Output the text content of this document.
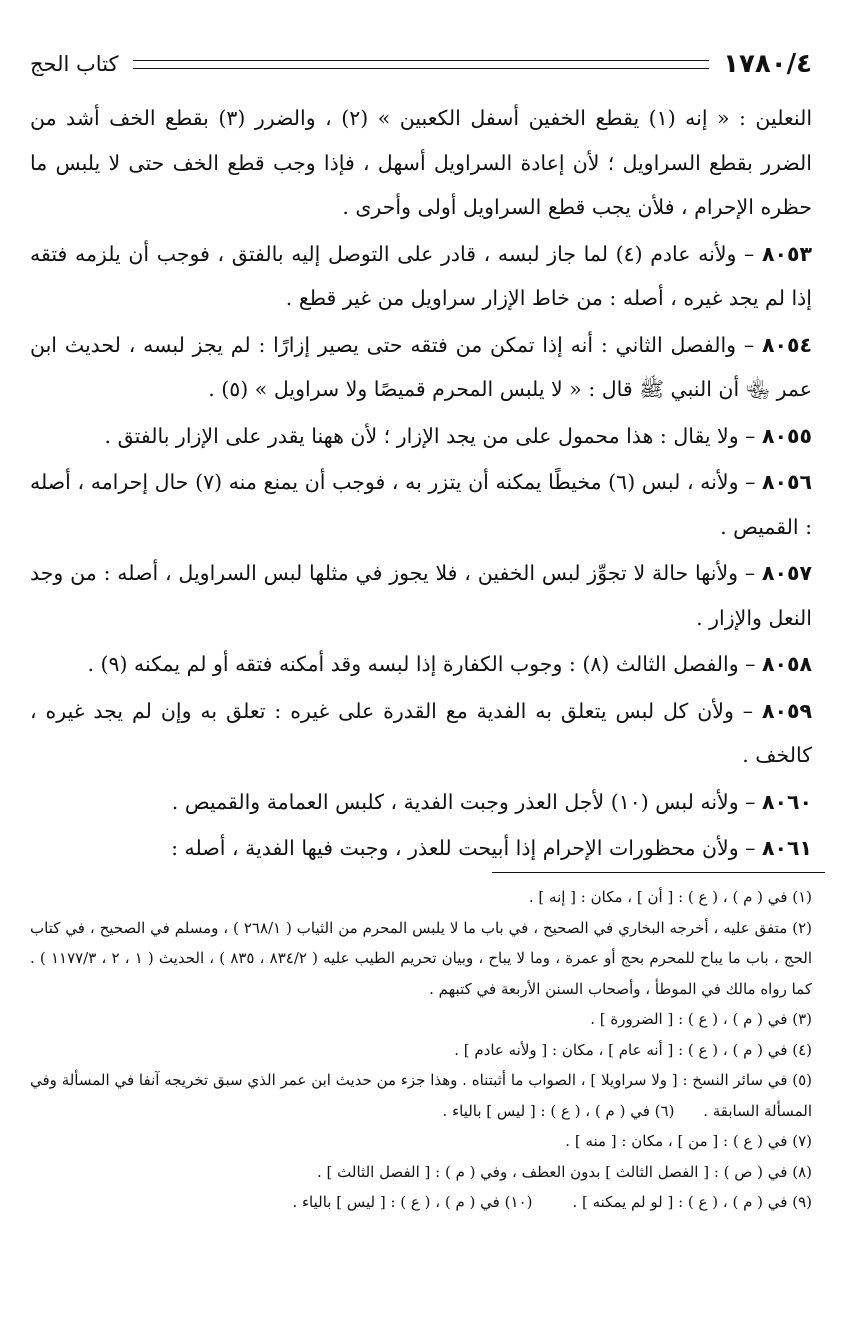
١٧٨٠/٤
كتاب الحج

النعلين : « إنه (١) يقطع الخفين أسفل الكعبين » (٢) ، والضرر (٣) بقطع الخف أشد من الضرر بقطع السراويل ؛ لأن إعادة السراويل أسهل ، فإذا وجب قطع الخف حتى لا يلبس ما حظره الإحرام ، فلأن يجب قطع السراويل أولى وأحرى .

٨٠٥٣ – ولأنه عادم (٤) لما جاز لبسه ، قادر على التوصل إليه بالفتق ، فوجب أن يلزمه فتقه إذا لم يجد غيره ، أصله : من خاط الإزار سراويل من غير قطع .

٨٠٥٤ – والفصل الثاني : أنه إذا تمكن من فتقه حتى يصير إزارًا : لم يجز لبسه ، لحديث ابن عمر ﵄ أن النبي ﷺ قال : « لا يلبس المحرم قميصًا ولا سراويل » (٥) .

٨٠٥٥ – ولا يقال : هذا محمول على من يجد الإزار ؛ لأن ههنا يقدر على الإزار بالفتق .

٨٠٥٦ – ولأنه ، لبس (٦) مخيطًا يمكنه أن يتزر به ، فوجب أن يمنع منه (٧) حال إحرامه ، أصله : القميص .

٨٠٥٧ – ولأنها حالة لا تجوِّز لبس الخفين ، فلا يجوز في مثلها لبس السراويل ، أصله : من وجد النعل والإزار .

٨٠٥٨ – والفصل الثالث (٨) : وجوب الكفارة إذا لبسه وقد أمكنه فتقه أو لم يمكنه (٩) .

٨٠٥٩ – ولأن كل لبس يتعلق به الفدية مع القدرة على غيره : تعلق به وإن لم يجد غيره ، كالخف .

٨٠٦٠ – ولأنه لبس (١٠) لأجل العذر وجبت الفدية ، كلبس العمامة والقميص .

٨٠٦١ – ولأن محظورات الإحرام إذا أبيحت للعذر ، وجبت فيها الفدية ، أصله :

(١) في ( م ) ، ( ع ) : [ أن ] ، مكان : [ إنه ] .

(٢) متفق عليه ، أخرجه البخاري في الصحيح ، في باب ما لا يلبس المحرم من الثياب ( ٢٦٨/١ ) ، ومسلم في الصحيح ، في كتاب الحج ، باب ما يباح للمحرم بحج أو عمرة ، وما لا يباح ، وبيان تحريم الطيب عليه ( ٨٣٤/٢ ، ٨٣٥ ) ، الحديث ( ١ ، ٢ ، ١١٧٧/٣ ) . كما رواه مالك في الموطأ ، وأصحاب السنن الأربعة في كتبهم .

(٣) في ( م ) ، ( ع ) : [ الضرورة ] .

(٤) في ( م ) ، ( ع ) : [ أنه عام ] ، مكان : [ ولأنه عادم ] .

(٥) في سائر النسخ : [ ولا سراويلا ] ، الصواب ما أثبتناه . وهذا جزء من حديث ابن عمر الذي سبق تخريجه آنفا في المسألة وفي المسألة السابقة . (٦) في ( م ) ، ( ع ) : [ ليس ] بالياء .

(٧) في ( ع ) : [ من ] ، مكان : [ منه ] .

(٨) في ( ص ) : [ الفصل الثالث ] بدون العطف ، وفي ( م ) : [ الفصل الثالث ] .

(٩) في ( م ) ، ( ع ) : [ لو لم يمكنه ] .
(١٠) في ( م ) ، ( ع ) : [ ليس ] بالياء .
